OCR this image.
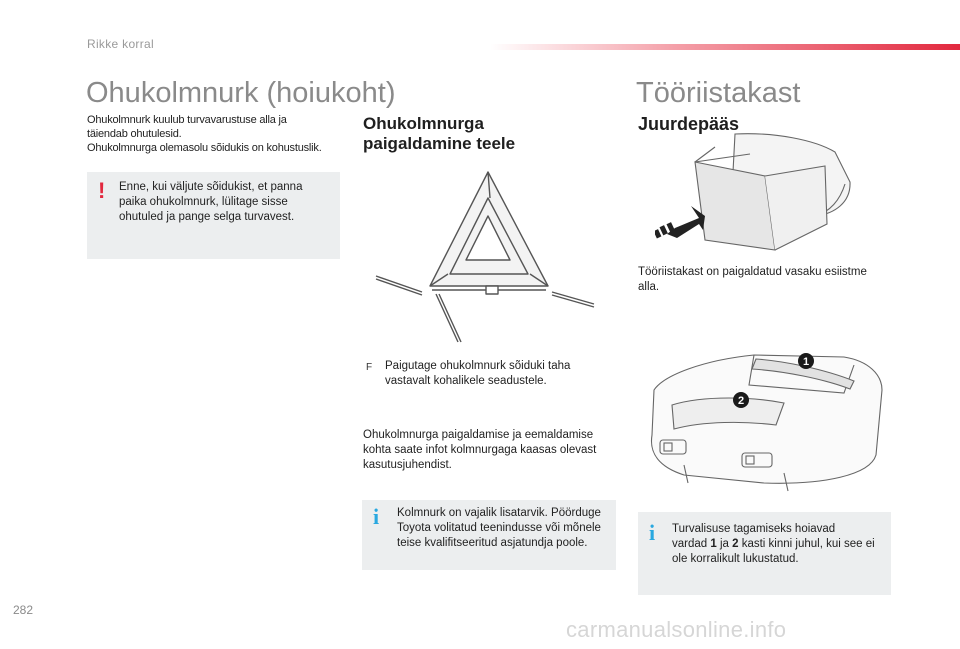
Rikke korral
Ohukolmnurk (hoiukoht)
Ohukolmnurk kuulub turvavarustuse alla ja
täiendab ohutulesid.
Ohukolmnurga olemasolu sõidukis on kohustuslik.
! Enne, kui väljute sõidukist, et panna
paika ohukolmnurk, lülitage sisse
ohutuled ja pange selga turvavest.
Ohukolmnurga
paigaldamine teele
F Paigutage ohukolmnurk sõiduki taha
vastavalt kohalikele seadustele.
Ohukolmnurga paigaldamise ja eemaldamise
kohta saate infot kolmnurgaga kaasas olevast
kasutusjuhendist.
i Kolmnurk on vajalik lisatarvik. Pöörduge
Toyota volitatud teenindusse või mõnele
teise kvalifitseeritud asjatundja poole.
Tööriistakast
Juurdepääs
Tööriistakast on paigaldatud vasaku esiistme
alla.
1
2
i Turvalisuse tagamiseks hoiavad
vardad 1 ja 2 kasti kinni juhul, kui see ei
ole korralikult lukustatud.
282
carmanualsonline.info
